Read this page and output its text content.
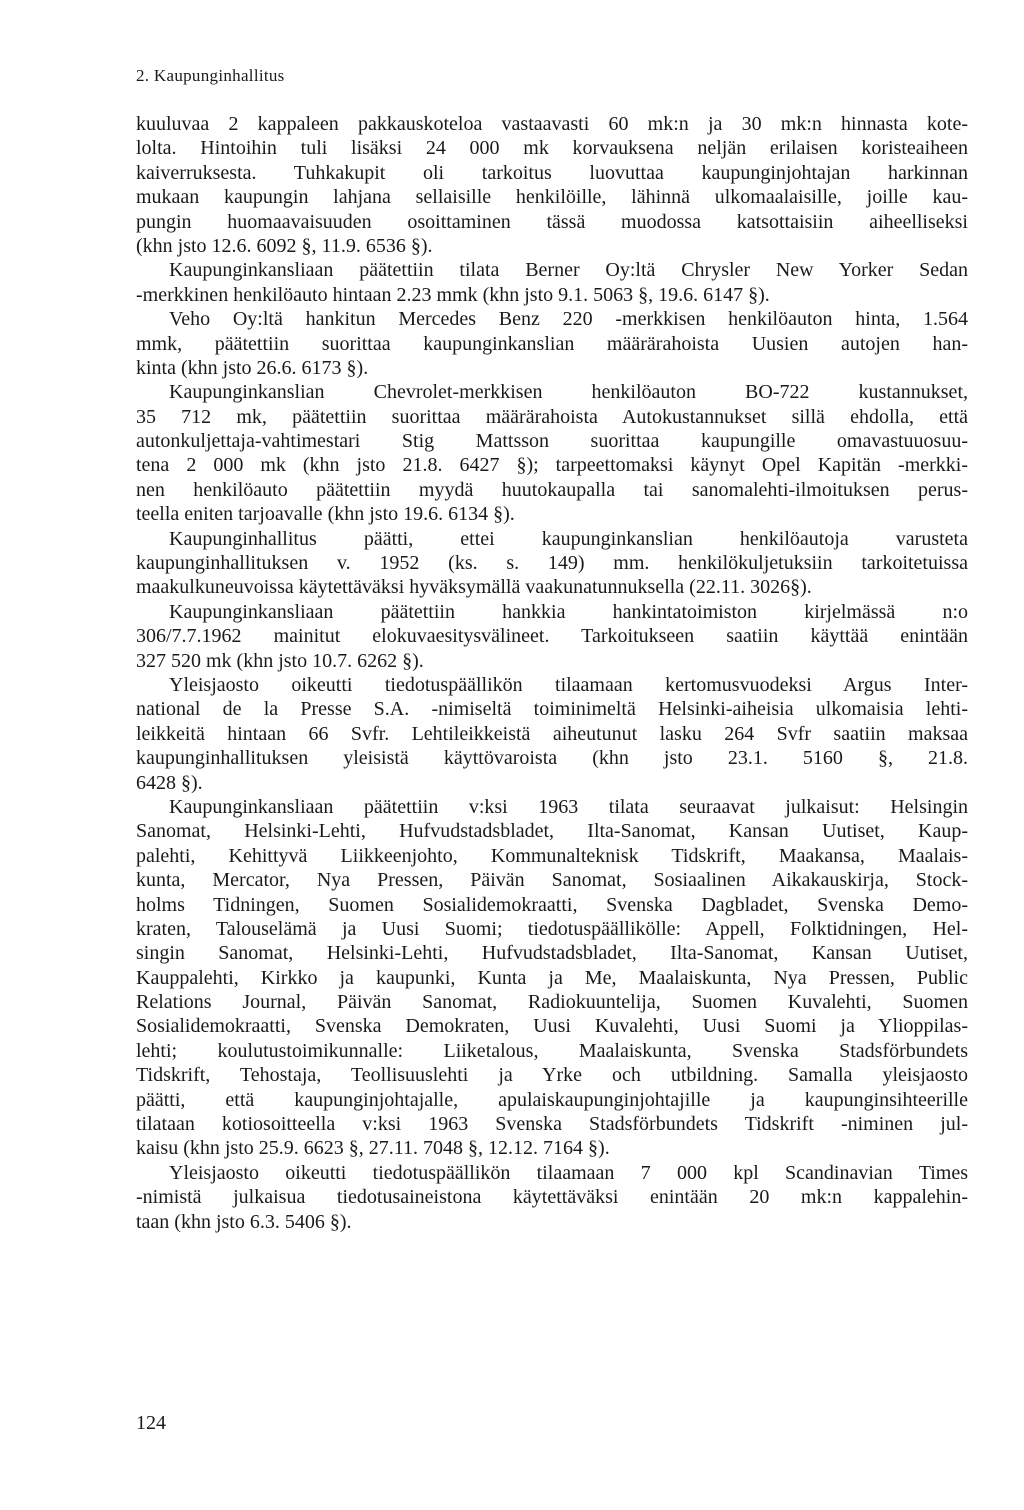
2. Kaupunginhallitus
kuuluvaa 2 kappaleen pakkauskoteloa vastaavasti 60 mk:n ja 30 mk:n hinnasta kote-
lolta. Hintoihin tuli lisäksi 24 000 mk korvauksena neljän erilaisen koristeaiheen
kaiverruksesta. Tuhkakupit oli tarkoitus luovuttaa kaupunginjohtajan harkinnan
mukaan kaupungin lahjana sellaisille henkilöille, lähinnä ulkomaalaisille, joille kau-
pungin huomaavaisuuden osoittaminen tässä muodossa katsottaisiin aiheelliseksi
(khn jsto 12.6. 6092 §, 11.9. 6536 §).
Kaupunginkansliaan päätettiin tilata Berner Oy:ltä Chrysler New Yorker Sedan
-merkkinen henkilöauto hintaan 2.23 mmk (khn jsto 9.1. 5063 §, 19.6. 6147 §).
Veho Oy:ltä hankitun Mercedes Benz 220 -merkkisen henkilöauton hinta, 1.564
mmk, päätettiin suorittaa kaupunginkanslian määrärahoista Uusien autojen han-
kinta (khn jsto 26.6. 6173 §).
Kaupunginkanslian Chevrolet-merkkisen henkilöauton BO-722 kustannukset,
35 712 mk, päätettiin suorittaa määrärahoista Autokustannukset sillä ehdolla, että
autonkuljettaja-vahtimestari Stig Mattsson suorittaa kaupungille omavastuuosuu-
tena 2 000 mk (khn jsto 21.8. 6427 §); tarpeettomaksi käynyt Opel Kapitän -merkki-
nen henkilöauto päätettiin myydä huutokaupalla tai sanomalehti-ilmoituksen perus-
teella eniten tarjoavalle (khn jsto 19.6. 6134 §).
Kaupunginhallitus päätti, ettei kaupunginkanslian henkilöautoja varusteta
kaupunginhallituksen v. 1952 (ks. s. 149) mm. henkilökuljetuksiin tarkoitetuissa
maakulkuneuvoissa käytettäväksi hyväksymällä vaakunatunnuksella (22.11. 3026§).
Kaupunginkansliaan päätettiin hankkia hankintatoimiston kirjelmässä n:o
306/7.7.1962 mainitut elokuvaesitysvälineet. Tarkoitukseen saatiin käyttää enintään
327 520 mk (khn jsto 10.7. 6262 §).
Yleisjaosto oikeutti tiedotuspäällikön tilaamaan kertomusvuodeksi Argus Inter-
national de la Presse S.A. -nimiseltä toiminimeltä Helsinki-aiheisia ulkomaisia lehti-
leikkeitä hintaan 66 Svfr. Lehtileikkeistä aiheutunut lasku 264 Svfr saatiin maksaa
kaupunginhallituksen yleisistä käyttövaroista (khn jsto 23.1. 5160 §, 21.8.
6428 §).
Kaupunginkansliaan päätettiin v:ksi 1963 tilata seuraavat julkaisut: Helsingin
Sanomat, Helsinki-Lehti, Hufvudstadsbladet, Ilta-Sanomat, Kansan Uutiset, Kaup-
palehti, Kehittyvä Liikkeenjohto, Kommunalteknisk Tidskrift, Maakansa, Maalais-
kunta, Mercator, Nya Pressen, Päivän Sanomat, Sosiaalinen Aikakauskirja, Stock-
holms Tidningen, Suomen Sosialidemokraatti, Svenska Dagbladet, Svenska Demo-
kraten, Talouselämä ja Uusi Suomi; tiedotuspäällikölle: Appell, Folktidningen, Hel-
singin Sanomat, Helsinki-Lehti, Hufvudstadsbladet, Ilta-Sanomat, Kansan Uutiset,
Kauppalehti, Kirkko ja kaupunki, Kunta ja Me, Maalaiskunta, Nya Pressen, Public
Relations Journal, Päivän Sanomat, Radiokuuntelija, Suomen Kuvalehti, Suomen
Sosialidemokraatti, Svenska Demokraten, Uusi Kuvalehti, Uusi Suomi ja Ylioppilas-
lehti; koulutustoimikunnalle: Liiketalous, Maalaiskunta, Svenska Stadsförbundets
Tidskrift, Tehostaja, Teollisuuslehti ja Yrke och utbildning. Samalla yleisjaosto
päätti, että kaupunginjohtajalle, apulaiskaupunginjohtajille ja kaupunginsihteerille
tilataan kotiosoitteella v:ksi 1963 Svenska Stadsförbundets Tidskrift -niminen jul-
kaisu (khn jsto 25.9. 6623 §, 27.11. 7048 §, 12.12. 7164 §).
Yleisjaosto oikeutti tiedotuspäällikön tilaamaan 7 000 kpl Scandinavian Times
-nimistä julkaisua tiedotusaineistona käytettäväksi enintään 20 mk:n kappalehin-
taan (khn jsto 6.3. 5406 §).
124
